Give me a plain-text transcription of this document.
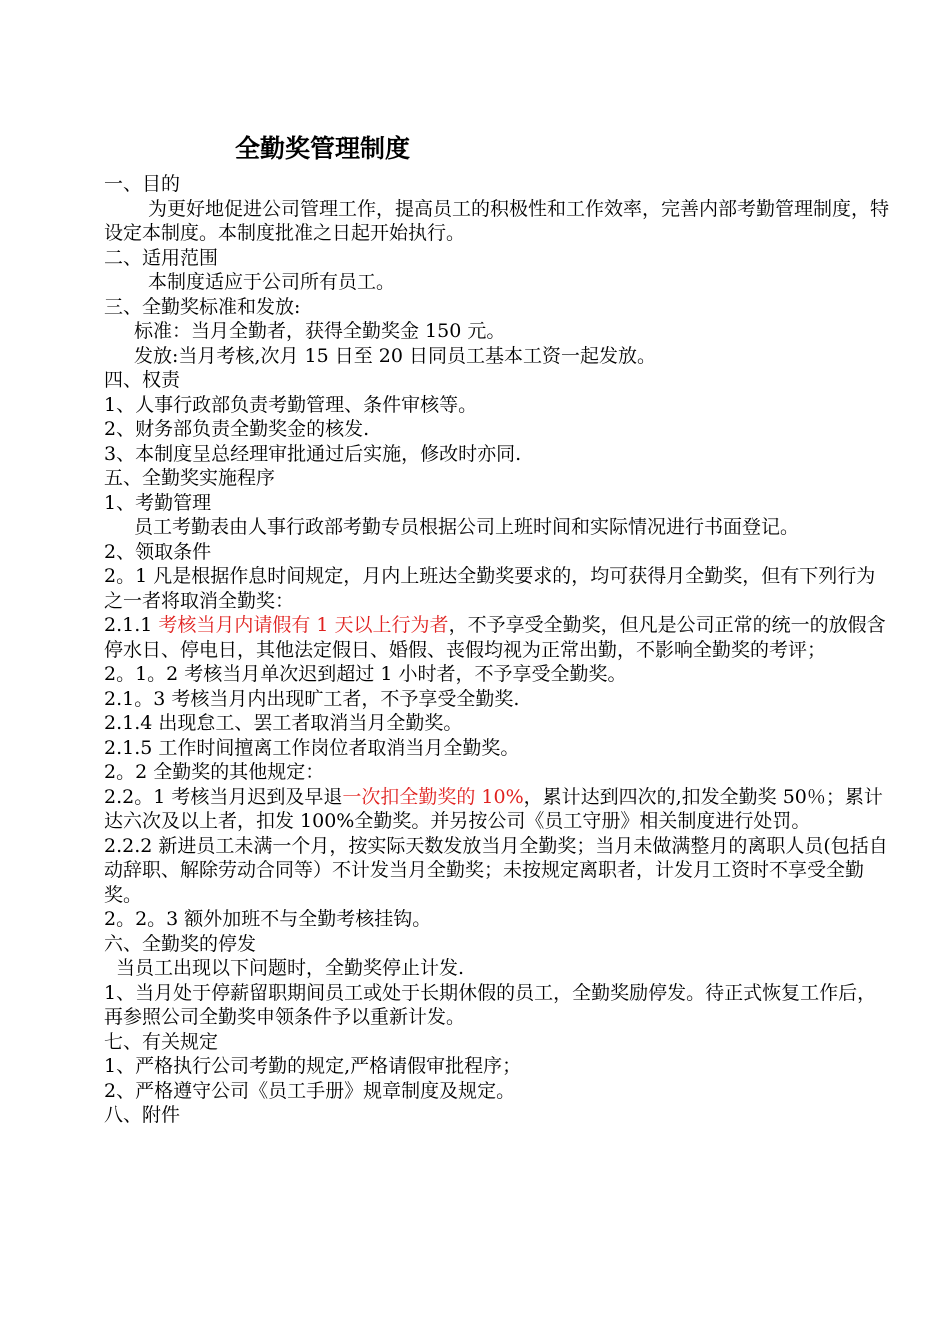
全勤奖管理制度

一、目的

为更好地促进公司管理工作，提高员工的积极性和工作效率，完善内部考勤管理制度，特设定本制度。本制度批准之日起开始执行。

二、适用范围

本制度适应于公司所有员工。

三、全勤奖标准和发放:

标准：当月全勤者，获得全勤奖金 150 元。

发放:当月考核,次月 15 日至 20 日同员工基本工资一起发放。

四、权责

1、人事行政部负责考勤管理、条件审核等。

2、财务部负责全勤奖金的核发.

3、本制度呈总经理审批通过后实施，修改时亦同.

五、全勤奖实施程序

1、考勤管理

员工考勤表由人事行政部考勤专员根据公司上班时间和实际情况进行书面登记。

2、领取条件

2。1 凡是根据作息时间规定，月内上班达全勤奖要求的，均可获得月全勤奖，但有下列行为之一者将取消全勤奖：

2.1.1 考核当月内请假有 1 天以上行为者，不予享受全勤奖，但凡是公司正常的统一的放假含停水日、停电日，其他法定假日、婚假、丧假均视为正常出勤，不影响全勤奖的考评；

2。1。2 考核当月单次迟到超过 1 小时者，不予享受全勤奖。

2.1。3 考核当月内出现旷工者，不予享受全勤奖.

2.1.4 出现怠工、罢工者取消当月全勤奖。

2.1.5 工作时间擅离工作岗位者取消当月全勤奖。

2。2 全勤奖的其他规定：

2.2。1 考核当月迟到及早退一次扣全勤奖的 10%，累计达到四次的,扣发全勤奖 50％；累计达六次及以上者，扣发 100%全勤奖。并另按公司《员工守册》相关制度进行处罚。

2.2.2 新进员工未满一个月，按实际天数发放当月全勤奖；当月未做满整月的离职人员(包括自动辞职、解除劳动合同等）不计发当月全勤奖；未按规定离职者，计发月工资时不享受全勤奖。

2。2。3 额外加班不与全勤考核挂钩。

六、全勤奖的停发

当员工出现以下问题时，全勤奖停止计发.

1、当月处于停薪留职期间员工或处于长期休假的员工，全勤奖励停发。待正式恢复工作后，再参照公司全勤奖申领条件予以重新计发。

七、有关规定

1、严格执行公司考勤的规定,严格请假审批程序；

2、严格遵守公司《员工手册》规章制度及规定。

八、附件
